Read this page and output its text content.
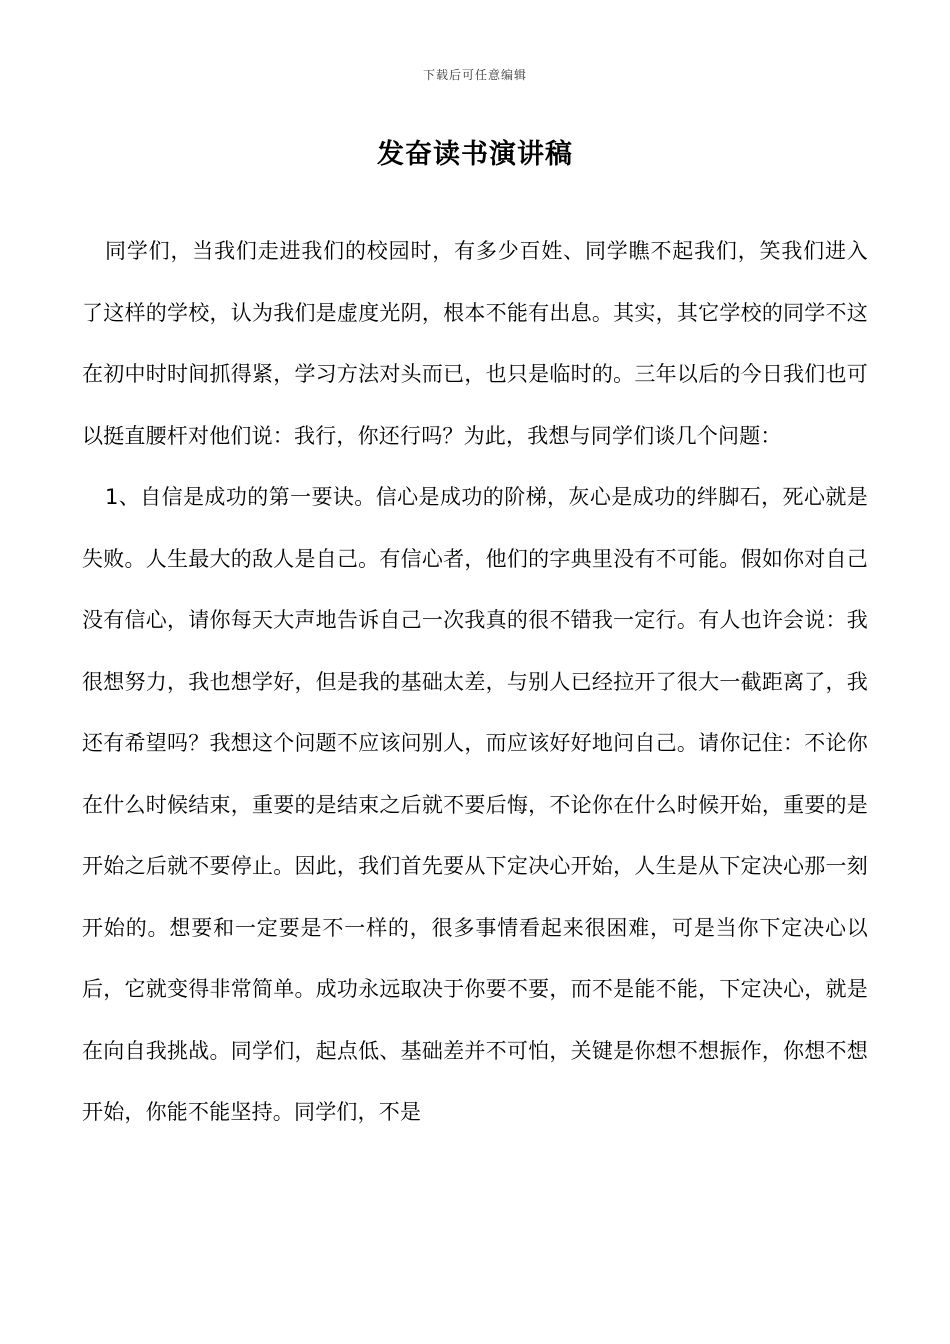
下载后可任意编辑
发奋读书演讲稿

同学们，当我们走进我们的校园时，有多少百姓、同学瞧不起我们，笑我们进入了这样的学校，认为我们是虚度光阴，根本不能有出息。其实，其它学校的同学不这在初中时时间抓得紧，学习方法对头而已，也只是临时的。三年以后的今日我们也可以挺直腰杆对他们说：我行，你还行吗？为此，我想与同学们谈几个问题：

1、自信是成功的第一要诀。信心是成功的阶梯，灰心是成功的绊脚石，死心就是失败。人生最大的敌人是自己。有信心者，他们的字典里没有不可能。假如你对自己没有信心，请你每天大声地告诉自己一次我真的很不错我一定行。有人也许会说：我很想努力，我也想学好，但是我的基础太差，与别人已经拉开了很大一截距离了，我还有希望吗？我想这个问题不应该问别人，而应该好好地问自己。请你记住：不论你在什么时候结束，重要的是结束之后就不要后悔，不论你在什么时候开始，重要的是开始之后就不要停止。因此，我们首先要从下定决心开始，人生是从下定决心那一刻开始的。想要和一定要是不一样的，很多事情看起来很困难，可是当你下定决心以后，它就变得非常简单。成功永远取决于你要不要，而不是能不能，下定决心，就是在向自我挑战。同学们，起点低、基础差并不可怕，关键是你想不想振作，你想不想开始，你能不能坚持。同学们，不是
